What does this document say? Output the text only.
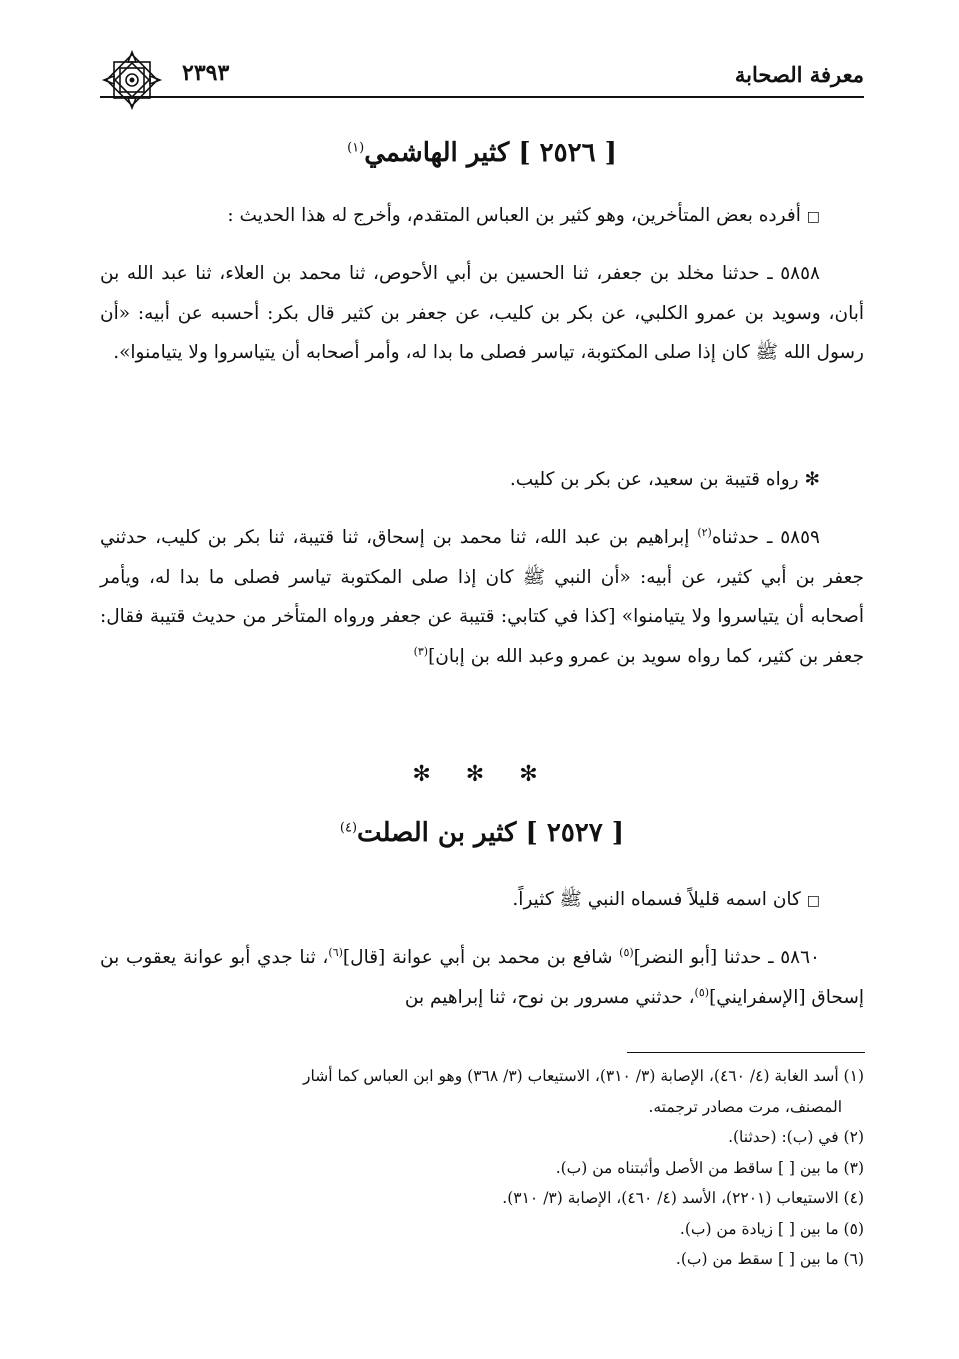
معرفة الصحابة
٢٣٩٣
[ ٢٥٢٦ ] كثير الهاشمي$^{(١)}$
□ أفرده بعض المتأخرين، وهو كثير بن العباس المتقدم، وأخرج له هذا الحديث :
٥٨٥٨ ـ حدثنا مخلد بن جعفر، ثنا الحسين بن أبي الأحوص، ثنا محمد بن العلاء، ثنا عبد الله بن أبان، وسويد بن عمرو الكلبي، عن بكر بن كليب، عن جعفر بن كثير قال بكر: أحسبه عن أبيه: «أن رسول الله ﷺ كان إذا صلى المكتوبة، تياسر فصلى ما بدا له، وأمر أصحابه أن يتياسروا ولا يتيامنوا».
✻ رواه قتيبة بن سعيد، عن بكر بن كليب.
٥٨٥٩ ـ حدثناه$^{(٢)}$ إبراهيم بن عبد الله، ثنا محمد بن إسحاق، ثنا قتيبة، ثنا بكر بن كليب، حدثني جعفر بن أبي كثير، عن أبيه: «أن النبي ﷺ كان إذا صلى المكتوبة تياسر فصلى ما بدا له، ويأمر أصحابه أن يتياسروا ولا يتيامنوا» [كذا في كتابي: قتيبة عن جعفر ورواه المتأخر من حديث قتيبة فقال: جعفر بن كثير، كما رواه سويد بن عمرو وعبد الله بن إبان]$^{(٣)}$
✻ ✻ ✻
[ ٢٥٢٧ ] كثير بن الصلت$^{(٤)}$
□ كان اسمه قليلاً فسماه النبي ﷺ كثيراً.
٥٨٦٠ ـ حدثنا [أبو النضر]$^{(٥)}$ شافع بن محمد بن أبي عوانة [قال]$^{(٦)}$، ثنا جدي أبو عوانة يعقوب بن إسحاق [الإسفرايني]$^{(٥)}$، حدثني مسرور بن نوح، ثنا إبراهيم بن
(١) أسد الغابة (٤/ ٤٦٠)، الإصابة (٣/ ٣١٠)، الاستيعاب (٣/ ٣٦٨) وهو ابن العباس كما أشار
المصنف، مرت مصادر ترجمته.
(٢) في (ب): (حدثنا).
(٣) ما بين [ ] ساقط من الأصل وأثبتناه من (ب).
(٤) الاستيعاب (٢٢٠١)، الأسد (٤/ ٤٦٠)، الإصابة (٣/ ٣١٠).
(٥) ما بين [ ] زيادة من (ب).
(٦) ما بين [ ] سقط من (ب).
